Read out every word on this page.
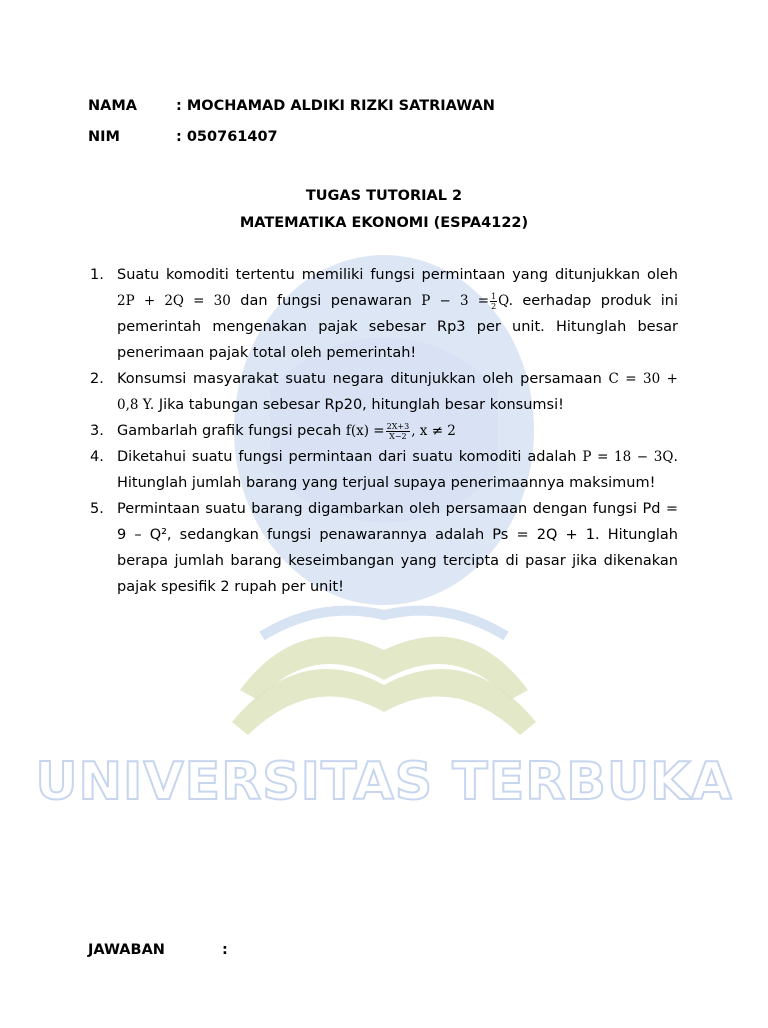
UNIVERSITAS TERBUKA
NAMA	: MOCHAMAD ALDIKI RIZKI SATRIAWAN
NIM	: 050761407
TUGAS TUTORIAL 2
MATEMATIKA EKONOMI (ESPA4122)
1. Suatu komoditi tertentu memiliki fungsi permintaan yang ditunjukkan oleh 2P + 2Q = 30 dan fungsi penawaran $P - 3 = \frac{1}{2} Q$. eerhadap produk ini pemerintah mengenakan pajak sebesar Rp3 per unit. Hitunglah besar penerimaan pajak total oleh pemerintah!
2. Konsumsi masyarakat suatu negara ditunjukkan oleh persamaan C = 30 + 0,8 Y. Jika tabungan sebesar Rp20, hitunglah besar konsumsi!
3. Gambarlah grafik fungsi pecah $f(x) = \frac{2X+3}{X-2}$ , x ≠ 2
4. Diketahui suatu fungsi permintaan dari suatu komoditi adalah P = 18 − 3Q. Hitunglah jumlah barang yang terjual supaya penerimaannya maksimum!
5. Permintaan suatu barang digambarkan oleh persamaan dengan fungsi Pd = 9 – Q², sedangkan fungsi penawarannya adalah Ps = 2Q + 1. Hitunglah berapa jumlah barang keseimbangan yang tercipta di pasar jika dikenakan pajak spesifik 2 rupah per unit!
JAWABAN	:
